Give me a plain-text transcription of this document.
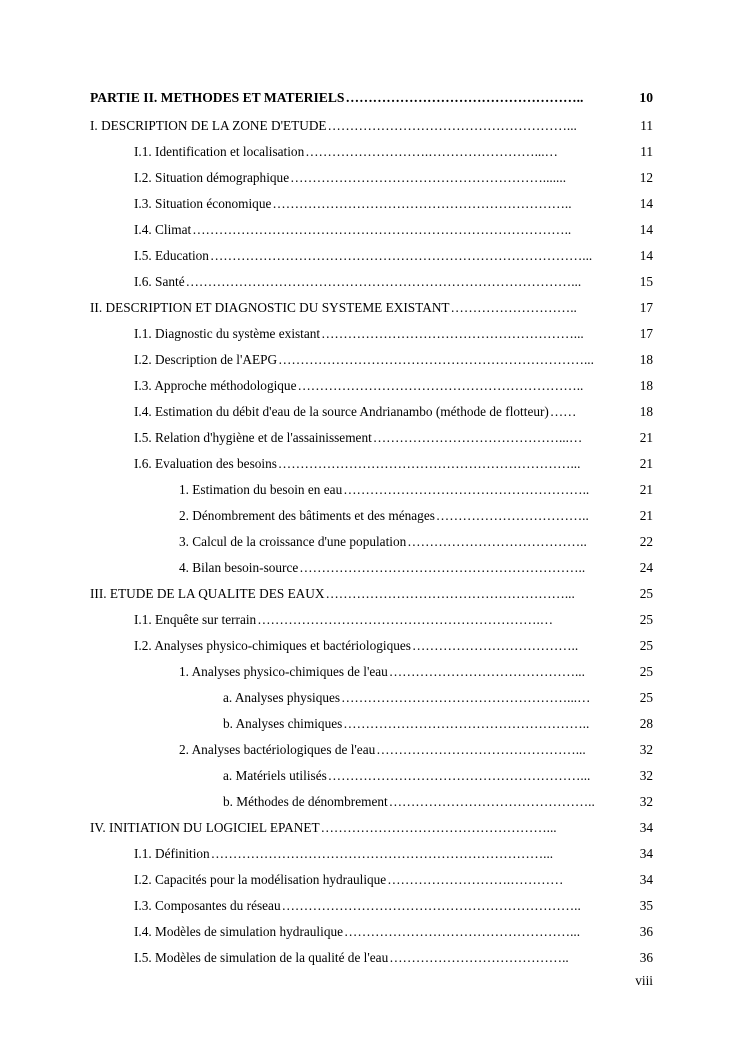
PARTIE II. METHODES ET MATERIELS ……………………………………………..	10
I. DESCRIPTION DE LA ZONE D'ETUDE ………………………………………………...	11
I.1. Identification et localisation ……………………….……………………...…	11
I.2. Situation démographique ………………………………………………….......	12
I.3. Situation économique …………………………………………………………..	14
I.4. Climat …………………………………………………………………………..	14
I.5. Education …………………………………………………………………………...	14
I.6. Santé ……………………………………………………………………………...	15
II. DESCRIPTION ET DIAGNOSTIC DU SYSTEME EXISTANT ………………………..	17
I.1. Diagnostic du système existant …………………………………………………...	17
I.2. Description de l'AEPG ……………………………………………………………...	18
I.3. Approche méthodologique ………………………………………………………..	18
I.4. Estimation du débit d'eau de la source Andrianambo (méthode de flotteur) ……	18
I.5. Relation d'hygiène et de l'assainissement ……………………………………...…	21
I.6. Evaluation des besoins …………………………………………………………...	21
1. Estimation du besoin en eau ………………………………………………..	21
2. Dénombrement des bâtiments et des ménages ……………………………..	21
3. Calcul de la croissance d'une population …………………………………..	22
4. Bilan besoin-source ………………………………………………………..	24
III. ETUDE DE LA QUALITE DES EAUX ………………………………………………...	25
I.1. Enquête sur terrain ……………………………………………………….…	25
I.2. Analyses physico-chimiques et bactériologiques ………………………………..	25
1. Analyses physico-chimiques de l'eau ……………………………………...	25
a. Analyses physiques ……………………………………………...…	25
b. Analyses chimiques ………………………………………………..	28
2. Analyses bactériologiques de l'eau ………………………………………...	32
a. Matériels utilisés …………………………………………………...	32
b. Méthodes de dénombrement ………………………………………..	32
IV. INITIATION DU LOGICIEL EPANET ……………………………………………...	34
I.1. Définition …………………………………………………………………...	34
I.2. Capacités pour la modélisation hydraulique ……………………….…………	34
I.3. Composantes du réseau …………………………………………………………..	35
I.4. Modèles de simulation hydraulique ……………………………………………...	36
I.5. Modèles de simulation de la qualité de l'eau …………………………………..	36
viii
